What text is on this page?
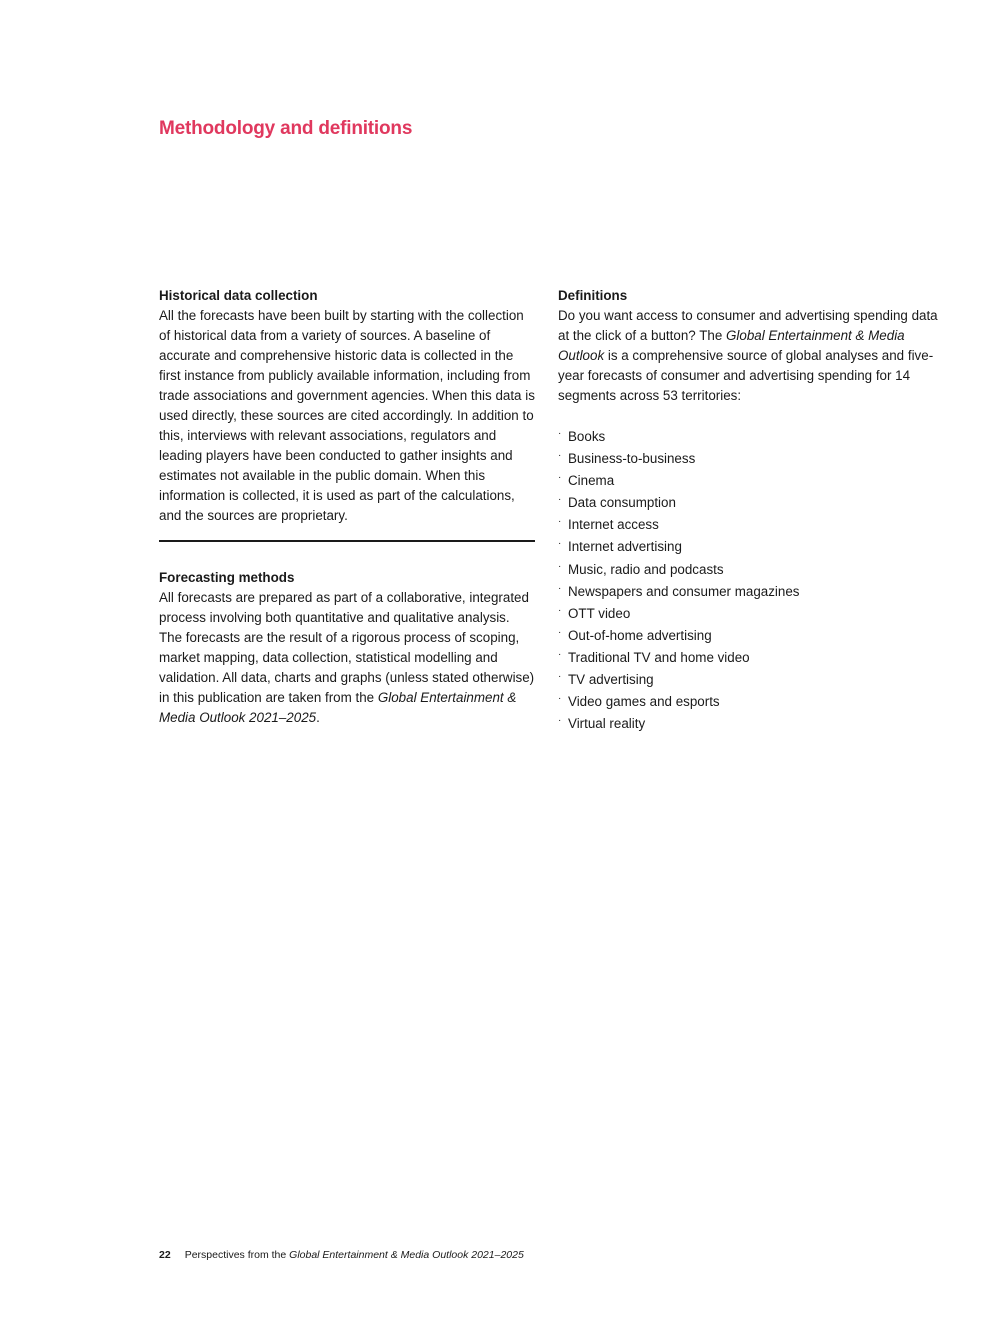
Methodology and definitions
Historical data collection

All the forecasts have been built by starting with the collection of historical data from a variety of sources. A baseline of accurate and comprehensive historic data is collected in the first instance from publicly available information, including from trade associations and government agencies. When this data is used directly, these sources are cited accordingly. In addition to this, interviews with relevant associations, regulators and leading players have been conducted to gather insights and estimates not available in the public domain. When this information is collected, it is used as part of the calculations, and the sources are proprietary.

Forecasting methods

All forecasts are prepared as part of a collaborative, integrated process involving both quantitative and qualitative analysis. The forecasts are the result of a rigorous process of scoping, market mapping, data collection, statistical modelling and validation. All data, charts and graphs (unless stated otherwise) in this publication are taken from the Global Entertainment & Media Outlook 2021–2025.

Definitions

Do you want access to consumer and advertising spending data at the click of a button? The Global Entertainment & Media Outlook is a comprehensive source of global analyses and five-year forecasts of consumer and advertising spending for 14 segments across 53 territories:

· Books
· Business-to-business
· Cinema
· Data consumption
· Internet access
· Internet advertising
· Music, radio and podcasts
· Newspapers and consumer magazines
· OTT video
· Out-of-home advertising
· Traditional TV and home video
· TV advertising
· Video games and esports
· Virtual reality
22 Perspectives from the Global Entertainment & Media Outlook 2021–2025
